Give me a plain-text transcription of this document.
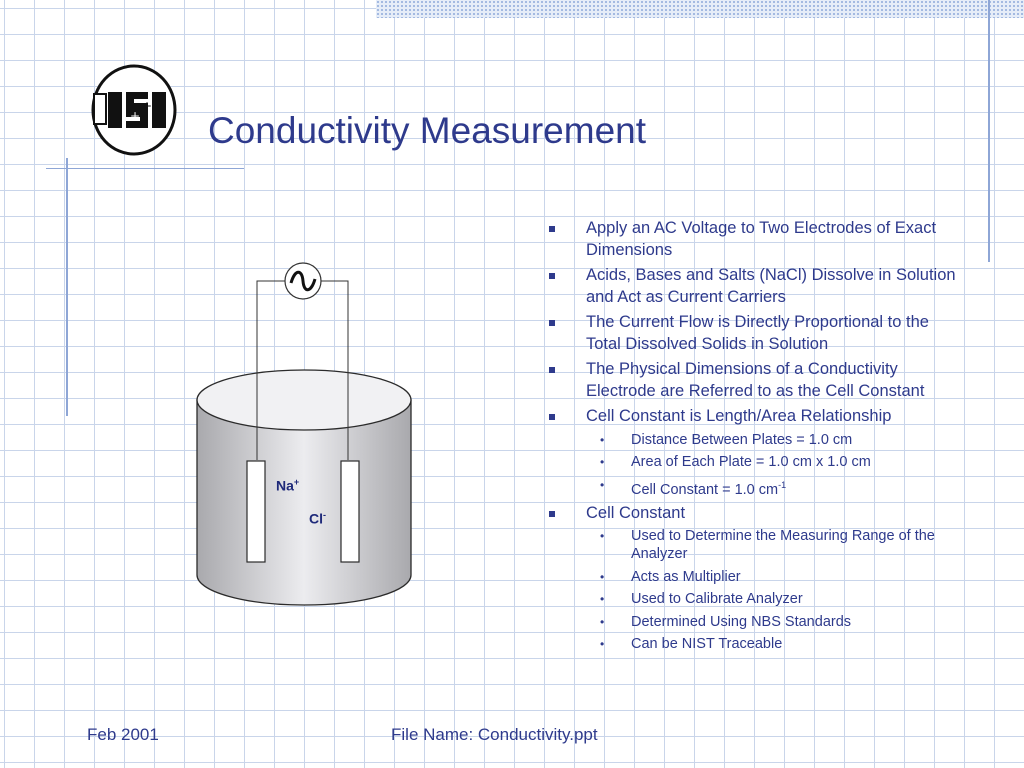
+
+
Conductivity Measurement
Na+
Cl-
Apply an AC Voltage to Two Electrodes of Exact Dimensions
Acids, Bases and Salts (NaCl) Dissolve in Solution and Act as Current Carriers
The Current Flow is Directly Proportional to the Total Dissolved Solids in Solution
The Physical Dimensions of a Conductivity Electrode are Referred to as the Cell Constant
Cell Constant is Length/Area Relationship
• Distance Between Plates = 1.0 cm
• Area of Each Plate = 1.0 cm x 1.0 cm
• Cell Constant = 1.0 $cm^{-1}$
Cell Constant
• Used to Determine the Measuring Range of the Analyzer
• Acts as Multiplier
• Used to Calibrate Analyzer
• Determined Using NBS Standards
• Can be NIST Traceable
Feb 2001	File Name: Conductivity.ppt
